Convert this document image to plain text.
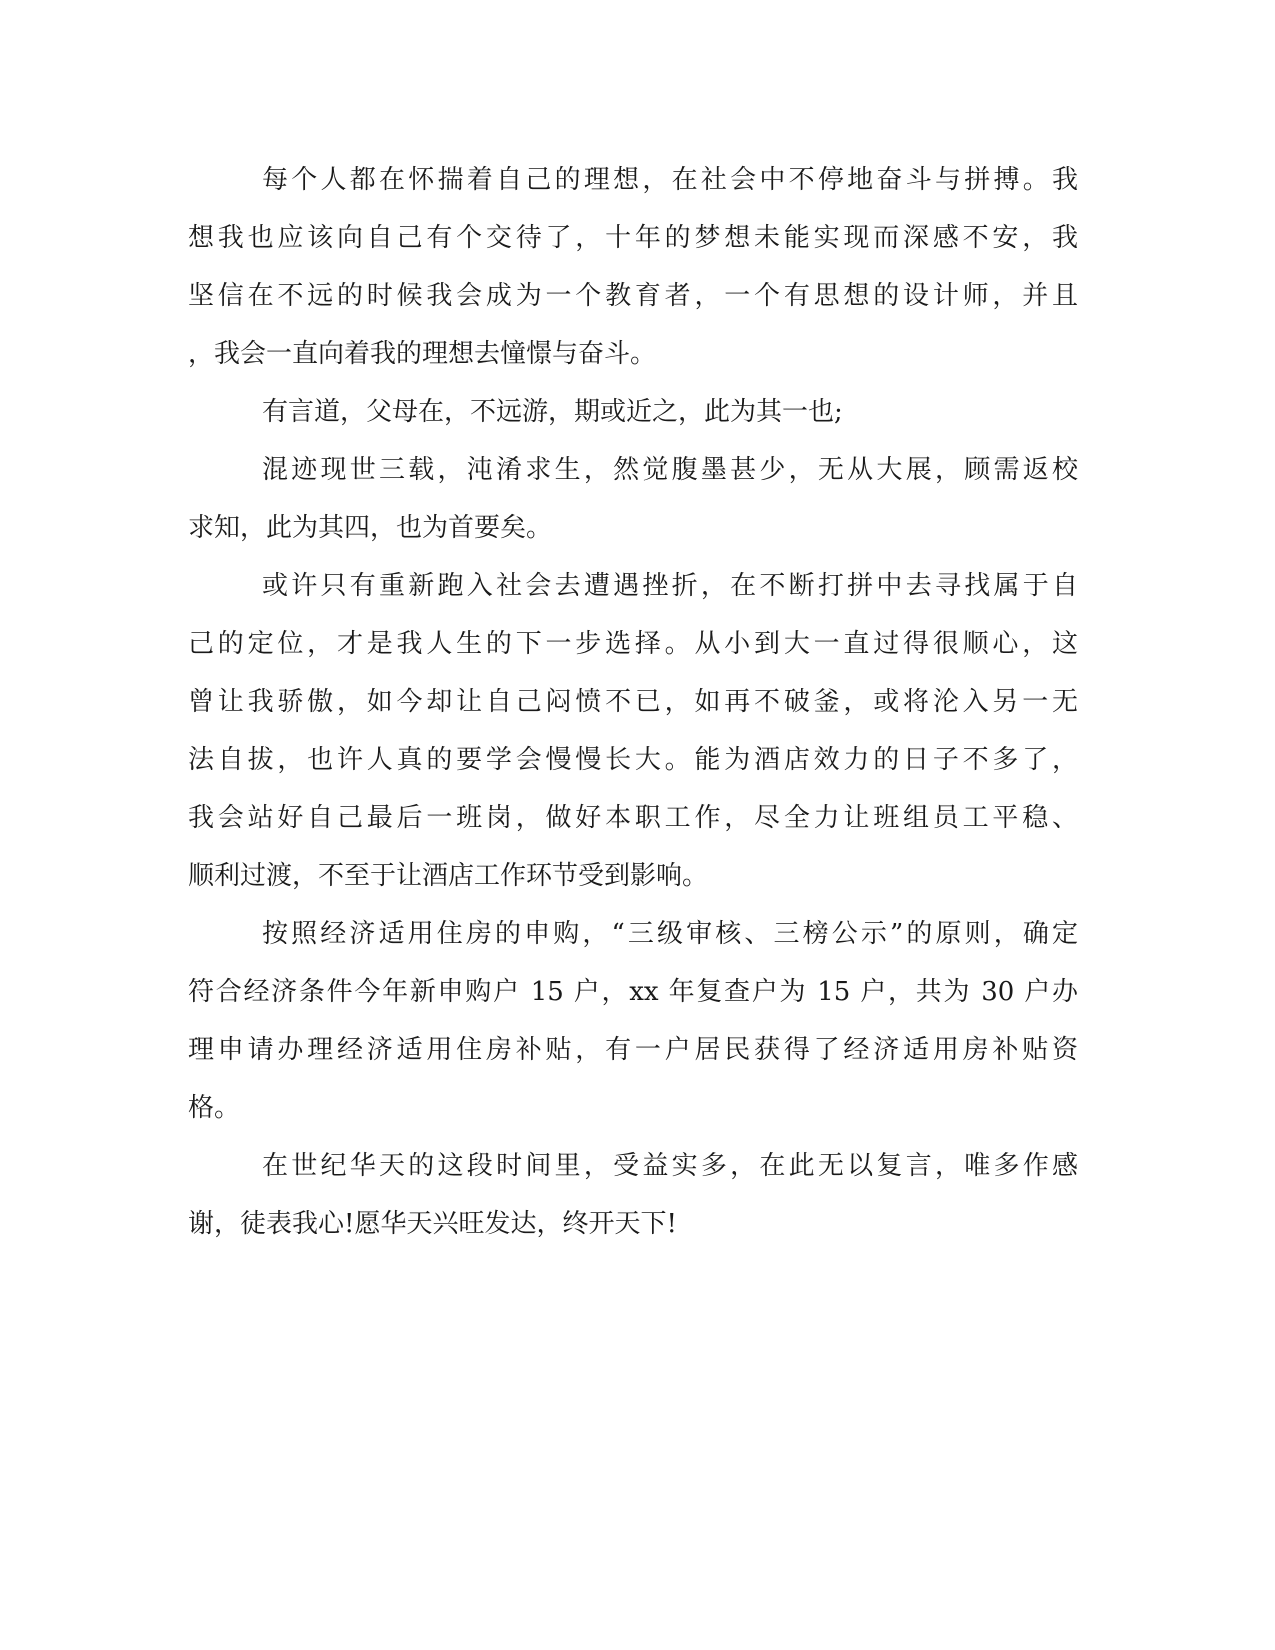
每个人都在怀揣着自己的理想，在社会中不停地奋斗与拼搏。我
想我也应该向自己有个交待了，十年的梦想未能实现而深感不安，我
坚信在不远的时候我会成为一个教育者，一个有思想的设计师，并且
，我会一直向着我的理想去憧憬与奋斗。
有言道，父母在，不远游，期或近之，此为其一也;
混迹现世三载，沌淆求生，然觉腹墨甚少，无从大展，顾需返校
求知，此为其四，也为首要矣。
或许只有重新跑入社会去遭遇挫折，在不断打拼中去寻找属于自
己的定位，才是我人生的下一步选择。从小到大一直过得很顺心，这
曾让我骄傲，如今却让自己闷愤不已，如再不破釜，或将沦入另一无
法自拔，也许人真的要学会慢慢长大。能为酒店效力的日子不多了，
我会站好自己最后一班岗，做好本职工作，尽全力让班组员工平稳、
顺利过渡，不至于让酒店工作环节受到影响。
按照经济适用住房的申购，“三级审核、三榜公示”的原则，确定
符合经济条件今年新申购户 15 户，xx 年复查户为 15 户，共为 30 户办
理申请办理经济适用住房补贴，有一户居民获得了经济适用房补贴资
格。
在世纪华天的这段时间里，受益实多，在此无以复言，唯多作感
谢，徒表我心!愿华天兴旺发达，终开天下!
